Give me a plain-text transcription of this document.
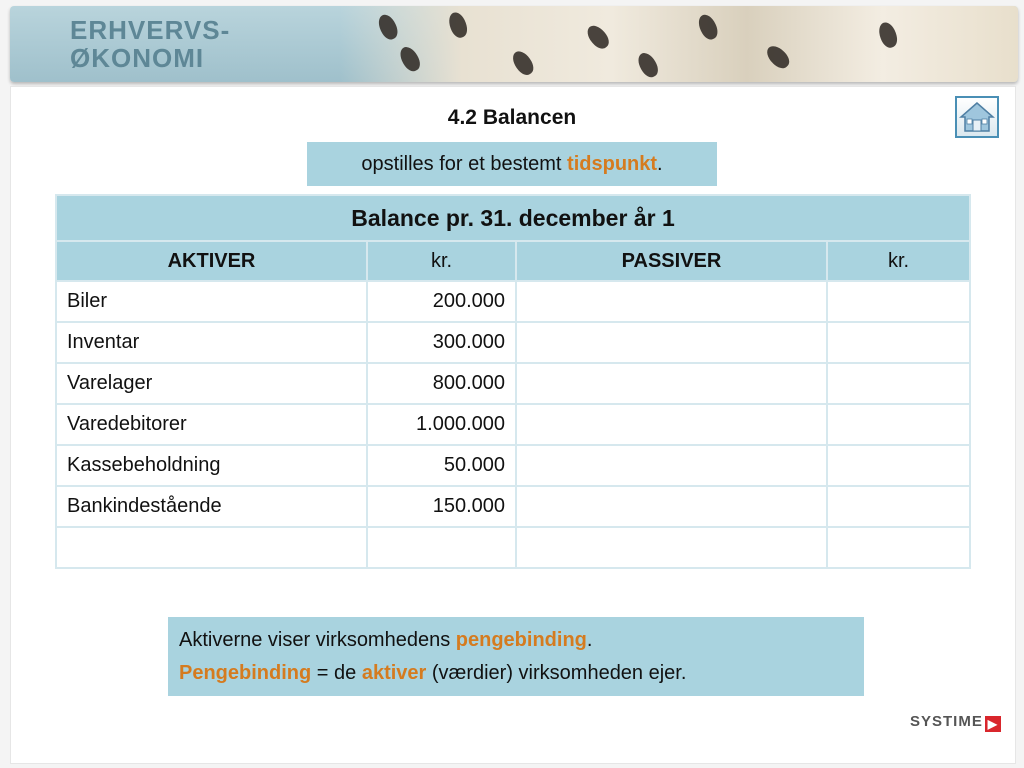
ERHVERVS-
ØKONOMI
4.2 Balancen
opstilles for et bestemt tidspunkt.
Balance pr. 31. december år 1			
AKTIVER	kr.	PASSIVER	kr.
Biler	200.000		
Inventar	300.000		
Varelager	800.000		
Varedebitorer	1.000.000		
Kassebeholdning	50.000		
Bankindestående	150.000		

Aktiverne viser virksomhedens pengebinding.
Pengebinding = de aktiver (værdier) virksomheden ejer.
SYSTIME ▶
